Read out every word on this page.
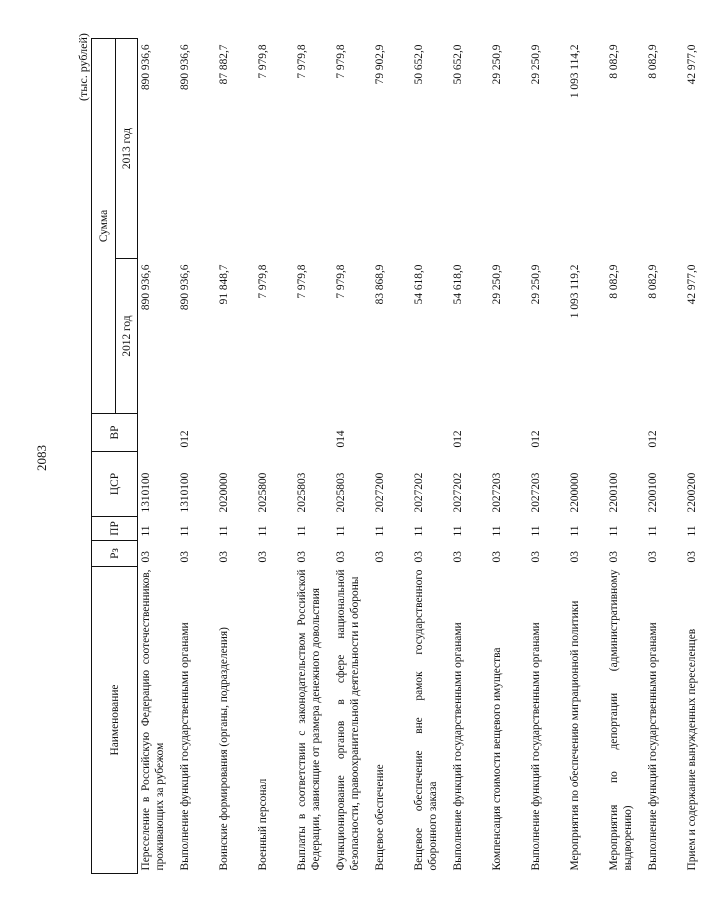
2083
(тыс. рублей)
Наименование	Рз	ПР	ЦСР	ВР	Сумма	
					2012 год	2013 год
Переселение в Российскую Федерацию соотечественников, проживающих за рубежом	03	11	1310100		890 936,6	890 936,6
Выполнение функций государственными органами	03	11	1310100	012	890 936,6	890 936,6
Воинские формирования (органы, подразделения)	03	11	2020000		91 848,7	87 882,7
Военный персонал	03	11	2025800		7 979,8	7 979,8
Выплаты в соответствии с законодательством Российской Федерации, зависящие от размера денежного довольствия	03	11	2025803		7 979,8	7 979,8
Функционирование органов в сфере национальной безопасности, правоохранительной деятельности и обороны	03	11	2025803	014	7 979,8	7 979,8
Вещевое обеспечение	03	11	2027200		83 868,9	79 902,9
Вещевое обеспечение вне рамок государственного оборонного заказа	03	11	2027202		54 618,0	50 652,0
Выполнение функций государственными органами	03	11	2027202	012	54 618,0	50 652,0
Компенсация стоимости вещевого имущества	03	11	2027203		29 250,9	29 250,9
Выполнение функций государственными органами	03	11	2027203	012	29 250,9	29 250,9
Мероприятия по обеспечению миграционной политики	03	11	2200000		1 093 119,2	1 093 114,2
Мероприятия по депортации (административному выдворению)	03	11	2200100		8 082,9	8 082,9
Выполнение функций государственными органами	03	11	2200100	012	8 082,9	8 082,9
Прием и содержание вынужденных переселенцев	03	11	2200200		42 977,0	42 977,0
